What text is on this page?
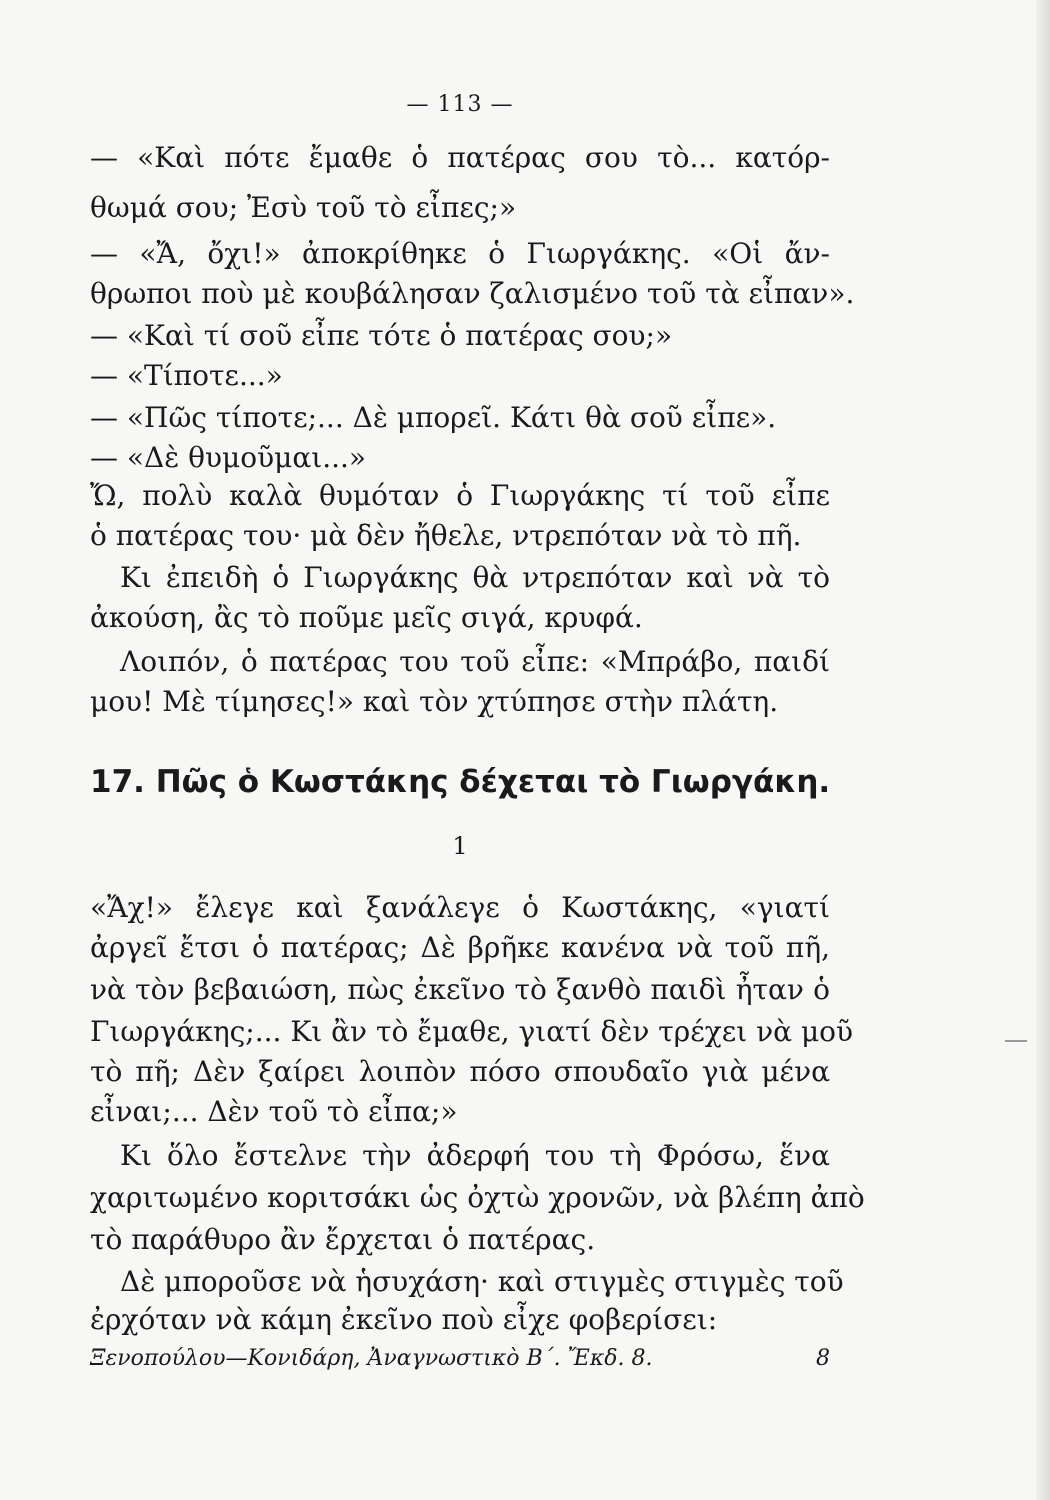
— 113 —
— «Καὶ πότε ἔμαθε ὁ πατέρας σου τὸ... κατόρ-
θωμά σου; Ἐσὺ τοῦ τὸ εἶπες;»
— «Ἄ, ὄχι!» ἀποκρίθηκε ὁ Γιωργάκης. «Οἱ ἄν-
θρωποι ποὺ μὲ κουβάλησαν ζαλισμένο τοῦ τὰ εἶπαν».
— «Καὶ τί σοῦ εἶπε τότε ὁ πατέρας σου;»
— «Τίποτε...»
— «Πῶς τίποτε;... Δὲ μπορεῖ. Κάτι θὰ σοῦ εἶπε».
— «Δὲ θυμοῦμαι...»
Ὤ, πολὺ καλὰ θυμόταν ὁ Γιωργάκης τί τοῦ εἶπε
ὁ πατέρας του· μὰ δὲν ἤθελε, ντρεπόταν νὰ τὸ πῆ.
Κι ἐπειδὴ ὁ Γιωργάκης θὰ ντρεπόταν καὶ νὰ τὸ
ἀκούση, ἂς τὸ ποῦμε μεῖς σιγά, κρυφά.
Λοιπόν, ὁ πατέρας του τοῦ εἶπε: «Μπράβο, παιδί
μου! Μὲ τίμησες!» καὶ τὸν χτύπησε στὴν πλάτη.
17. Πῶς ὁ Κωστάκης δέχεται τὸ Γιωργάκη.
1
«Ἄχ!» ἔλεγε καὶ ξανάλεγε ὁ Κωστάκης, «γιατί
ἀργεῖ ἔτσι ὁ πατέρας; Δὲ βρῆκε κανένα νὰ τοῦ πῆ,
νὰ τὸν βεβαιώση, πὼς ἐκεῖνο τὸ ξανθὸ παιδὶ ἦταν ὁ
Γιωργάκης;... Κι ἂν τὸ ἔμαθε, γιατί δὲν τρέχει νὰ μοῦ
τὸ πῆ; Δὲν ξαίρει λοιπὸν πόσο σπουδαῖο γιὰ μένα
εἶναι;... Δὲν τοῦ τὸ εἶπα;»
Κι ὅλο ἔστελνε τὴν ἀδερφή του τὴ Φρόσω, ἕνα
χαριτωμένο κοριτσάκι ὡς ὀχτὼ χρονῶν, νὰ βλέπη ἀπὸ
τὸ παράθυρο ἂν ἔρχεται ὁ πατέρας.
Δὲ μποροῦσε νὰ ἡσυχάση· καὶ στιγμὲς στιγμὲς τοῦ
ἐρχόταν νὰ κάμη ἐκεῖνο ποὺ εἶχε φοβερίσει:
Ξενοπούλου—Κονιδάρη, Ἀναγνωστικὸ Β΄. Ἔκδ. 8.	8
